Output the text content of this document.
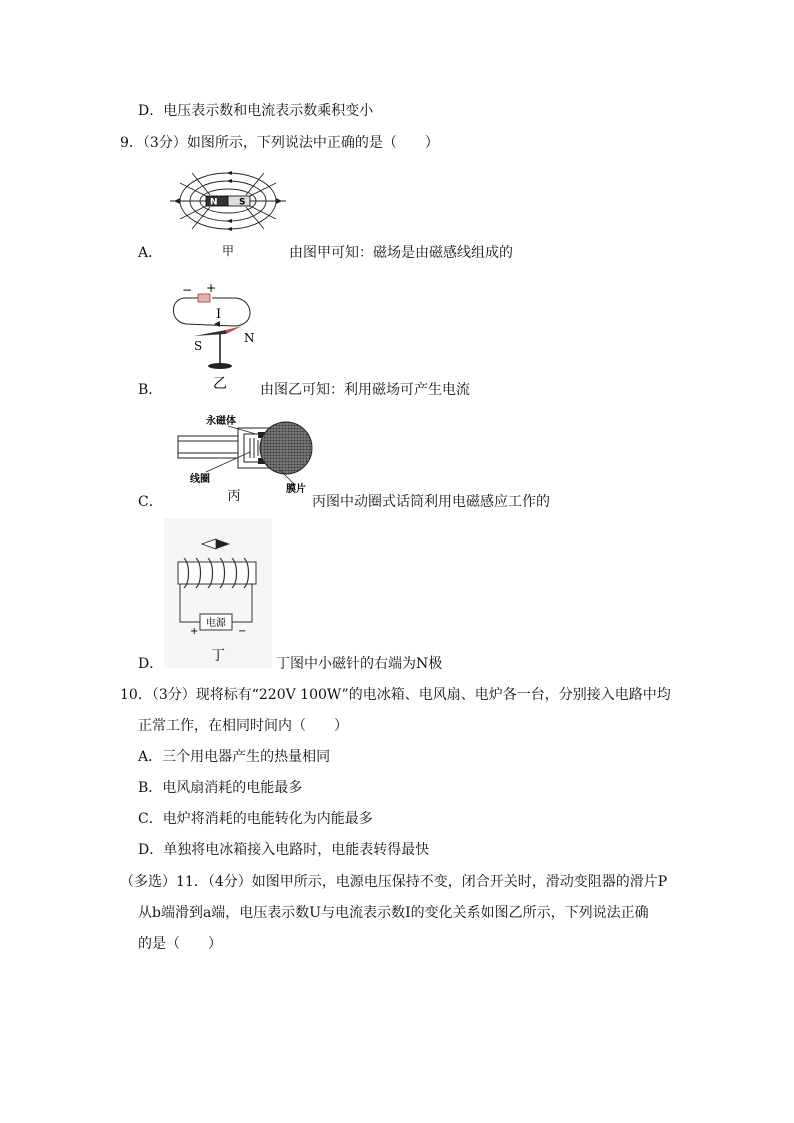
D．电压表示数和电流表示数乘积变小
9．（3分）如图所示，下列说法中正确的是（　　）
N S
甲
A．	由图甲可知：磁场是由磁感线组成的
− +
I
S
N
乙
B．	由图乙可知：利用磁场可产生电流
永磁体
线圈
膜片
丙
C．	丙图中动圈式话筒利用电磁感应工作的
电源
+	−
丁
D．	丁图中小磁针的右端为N极
10．（3分）现将标有“220V 100W”的电冰箱、电风扇、电炉各一台，分别接入电路中均
正常工作，在相同时间内（　　）
A．三个用电器产生的热量相同
B．电风扇消耗的电能最多
C．电炉将消耗的电能转化为内能最多
D．单独将电冰箱接入电路时，电能表转得最快
（多选）11．（4分）如图甲所示，电源电压保持不变，闭合开关时，滑动变阻器的滑片P
从b端滑到a端，电压表示数U与电流表示数I的变化关系如图乙所示，下列说法正确
的是（　　）
